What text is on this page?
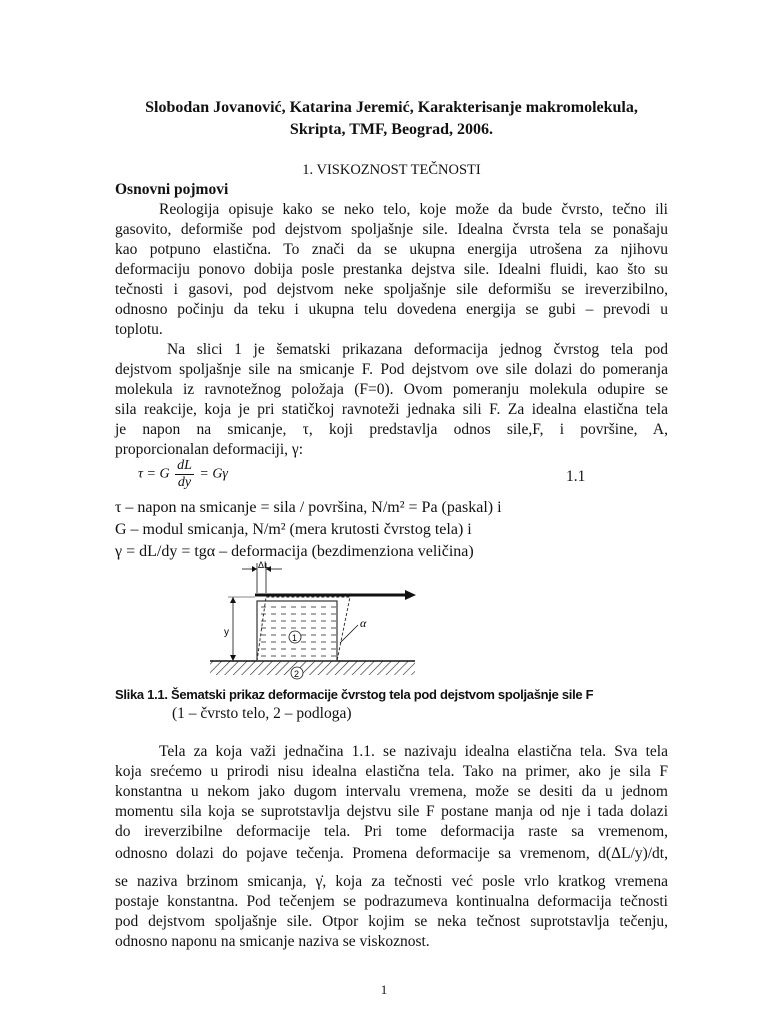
Slobodan Jovanović, Katarina Jeremić, Karakterisanje makromolekula,
Skripta, TMF, Beograd, 2006.
1. VISKOZNOST TEČNOSTI
Osnovni pojmovi
Reologija opisuje kako se neko telo, koje može da bude čvrsto, tečno ili
gasovito, deformiše pod dejstvom spoljašnje sile. Idealna čvrsta tela se ponašaju
kao potpuno elastična. To znači da se ukupna energija utrošena za njihovu
deformaciju ponovo dobija posle prestanka dejstva sile. Idealni fluidi, kao što su
tečnosti i gasovi, pod dejstvom neke spoljašnje sile deformišu se ireverzibilno,
odnosno počinju da teku i ukupna telu dovedena energija se gubi – prevodi u
toplotu.
Na slici 1 je šematski prikazana deformacija jednog čvrstog tela pod
dejstvom spoljašnje sile na smicanje F. Pod dejstvom ove sile dolazi do pomeranja
molekula iz ravnotežnog položaja (F=0). Ovom pomeranju molekula odupire se
sila reakcije, koja je pri statičkoj ravnoteži jednaka sili F. Za idealna elastična tela
je napon na smicanje, τ, koji predstavlja odnos sile,F, i površine, A,
proporcionalan deformaciji, γ:
τ = G $\frac{dL}{dy} = G\gamma$	1.1
τ – napon na smicanje = sila / površina, N/m² = Pa (paskal) i
G – modul smicanja, N/m² (mera krutosti čvrstog tela) i
γ = dL/dy = tgα – deformacija (bezdimenziona veličina)
ΔL
y
α
1
2
Slika 1.1. Šematski prikaz deformacije čvrstog tela pod dejstvom spoljašnje sile F
(1 – čvrsto telo, 2 – podloga)
Tela za koja važi jednačina 1.1. se nazivaju idealna elastična tela. Sva tela
koja srećemo u prirodi nisu idealna elastična tela. Tako na primer, ako je sila F
konstantna u nekom jako dugom intervalu vremena, može se desiti da u jednom
momentu sila koja se suprotstavlja dejstvu sile F postane manja od nje i tada dolazi
do ireverzibilne deformacije tela. Pri tome deformacija raste sa vremenom,
odnosno dolazi do pojave tečenja. Promena deformacije sa vremenom, d(ΔL/y)/dt,
se naziva brzinom smicanja, γ̇, koja za tečnosti već posle vrlo kratkog vremena
postaje konstantna. Pod tečenjem se podrazumeva kontinualna deformacija tečnosti
pod dejstvom spoljašnje sile. Otpor kojim se neka tečnost suprotstavlja tečenju,
odnosno naponu na smicanje naziva se viskoznost.
1
